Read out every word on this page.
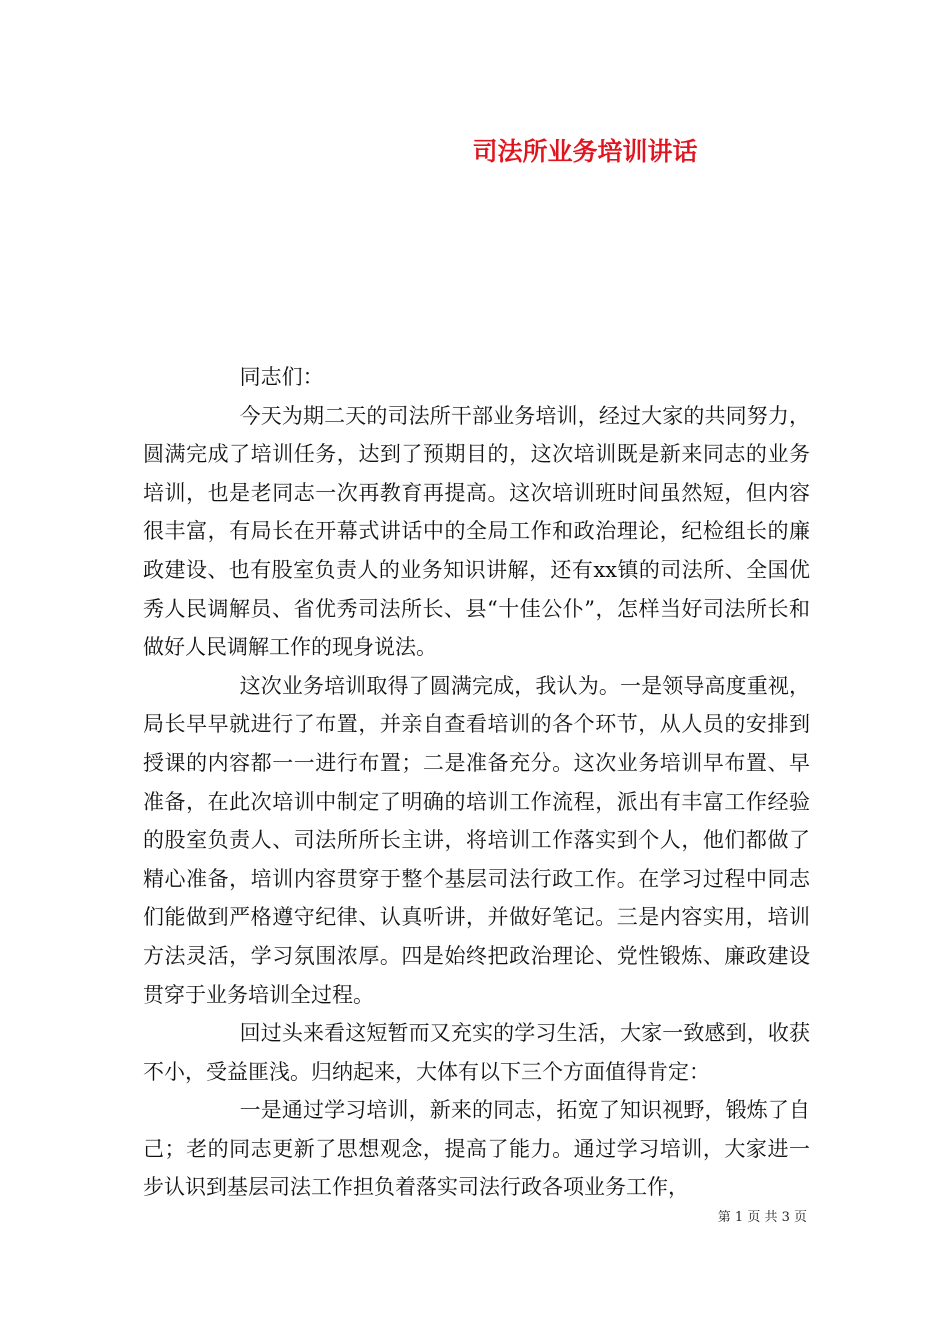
司法所业务培训讲话

同志们：

今天为期二天的司法所干部业务培训，经过大家的共同努力，圆满完成了培训任务，达到了预期目的，这次培训既是新来同志的业务培训，也是老同志一次再教育再提高。这次培训班时间虽然短，但内容很丰富，有局长在开幕式讲话中的全局工作和政治理论，纪检组长的廉政建设、也有股室负责人的业务知识讲解，还有xx镇的司法所、全国优秀人民调解员、省优秀司法所长、县“十佳公仆”，怎样当好司法所长和做好人民调解工作的现身说法。

这次业务培训取得了圆满完成，我认为。一是领导高度重视，局长早早就进行了布置，并亲自查看培训的各个环节，从人员的安排到授课的内容都一一进行布置；二是准备充分。这次业务培训早布置、早准备，在此次培训中制定了明确的培训工作流程，派出有丰富工作经验的股室负责人、司法所所长主讲，将培训工作落实到个人，他们都做了精心准备，培训内容贯穿于整个基层司法行政工作。在学习过程中同志们能做到严格遵守纪律、认真听讲，并做好笔记。三是内容实用，培训方法灵活，学习氛围浓厚。四是始终把政治理论、党性锻炼、廉政建设贯穿于业务培训全过程。

回过头来看这短暂而又充实的学习生活，大家一致感到，收获不小，受益匪浅。归纳起来，大体有以下三个方面值得肯定：

一是通过学习培训，新来的同志，拓宽了知识视野，锻炼了自己；老的同志更新了思想观念，提高了能力。通过学习培训，大家进一步认识到基层司法工作担负着落实司法行政各项业务工作，

第 1 页 共 3 页
